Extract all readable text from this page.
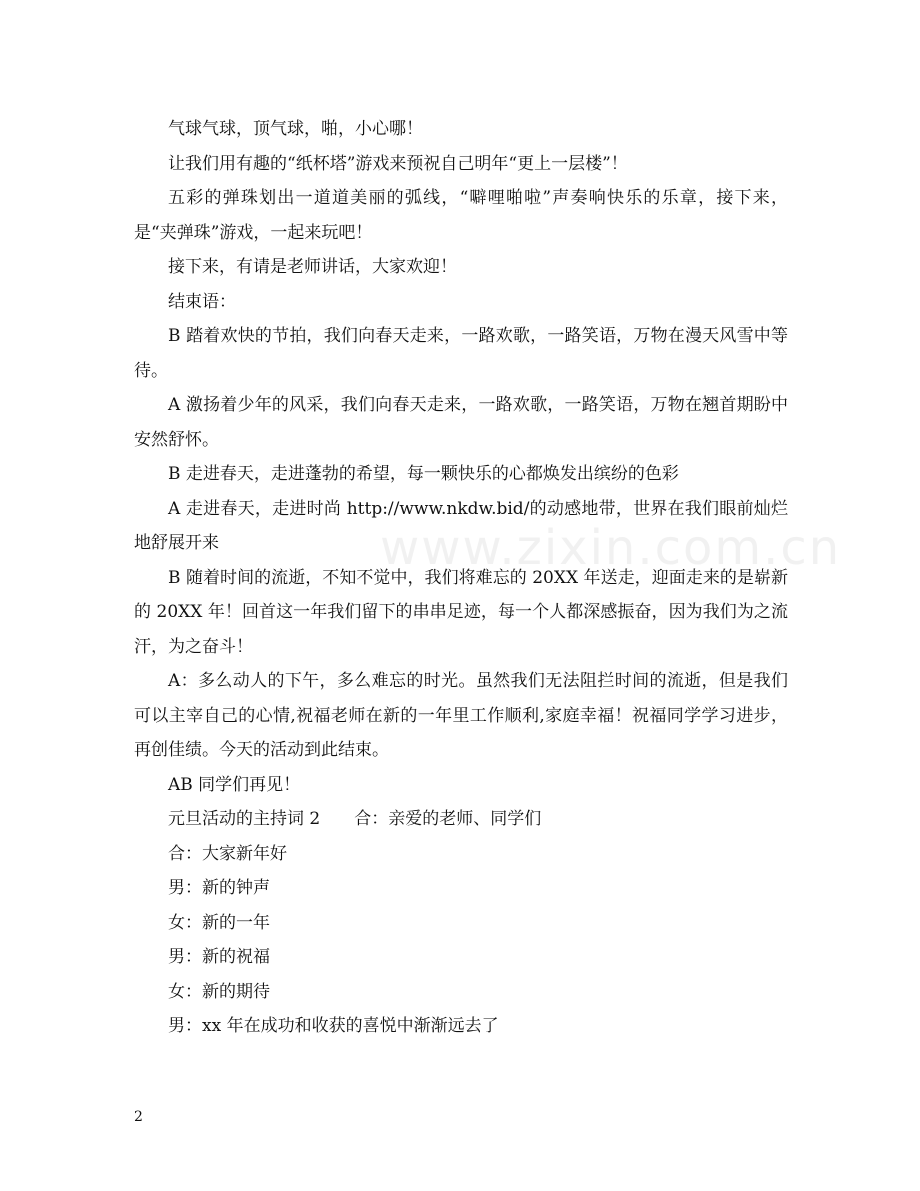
www.zixin.com.cn

气球气球，顶气球，啪，小心哪！

让我们用有趣的“纸杯塔”游戏来预祝自己明年“更上一层楼”！

五彩的弹珠划出一道道美丽的弧线，“噼哩啪啦”声奏响快乐的乐章，接下来，是“夹弹珠”游戏，一起来玩吧！

接下来，有请是老师讲话，大家欢迎！

结束语：

B 踏着欢快的节拍，我们向春天走来，一路欢歌，一路笑语，万物在漫天风雪中等待。

A 激扬着少年的风采，我们向春天走来，一路欢歌，一路笑语，万物在翘首期盼中安然舒怀。

B 走进春天，走进蓬勃的希望，每一颗快乐的心都焕发出缤纷的色彩

A 走进春天，走进时尚 http://www.nkdw.bid/的动感地带，世界在我们眼前灿烂地舒展开来

B 随着时间的流逝，不知不觉中，我们将难忘的 20XX 年送走，迎面走来的是崭新的 20XX 年！回首这一年我们留下的串串足迹，每一个人都深感振奋，因为我们为之流汗，为之奋斗！

A：多么动人的下午，多么难忘的时光。虽然我们无法阻拦时间的流逝，但是我们可以主宰自己的心情,祝福老师在新的一年里工作顺利,家庭幸福！祝福同学学习进步，再创佳绩。今天的活动到此结束。

AB 同学们再见！

元旦活动的主持词 2　　合：亲爱的老师、同学们

合：大家新年好

男：新的钟声

女：新的一年

男：新的祝福

女：新的期待

男：xx 年在成功和收获的喜悦中渐渐远去了

2
